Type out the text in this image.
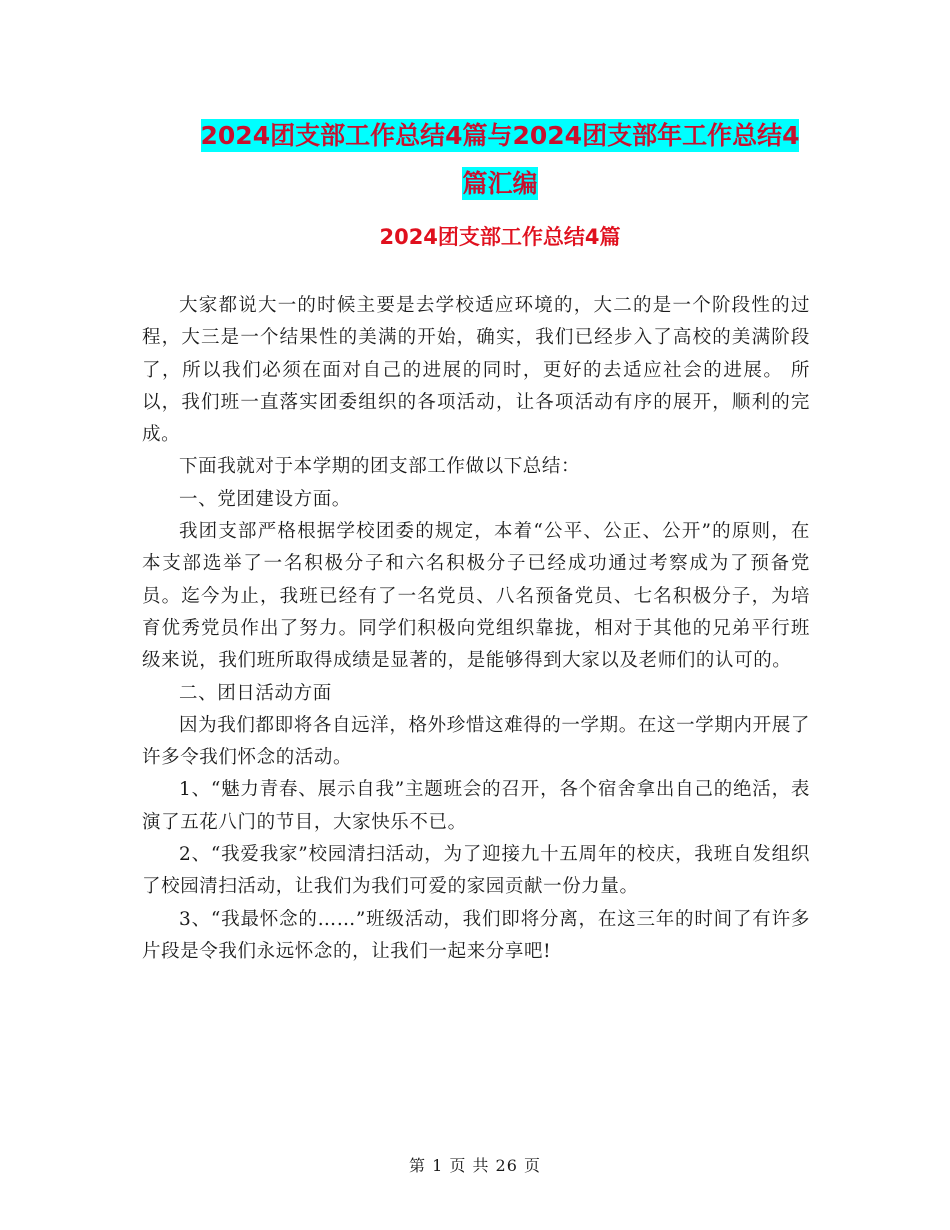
2024团支部工作总结4篇与2024团支部年工作总结4
篇汇编
2024团支部工作总结4篇

大家都说大一的时候主要是去学校适应环境的，大二的是一个阶段性的过程，大三是一个结果性的美满的开始，确实，我们已经步入了高校的美满阶段了，所以我们必须在面对自己的进展的同时，更好的去适应社会的进展。 所以，我们班一直落实团委组织的各项活动，让各项活动有序的展开，顺利的完成。

下面我就对于本学期的团支部工作做以下总结：

一、党团建设方面。

我团支部严格根据学校团委的规定，本着“公平、公正、公开”的原则，在本支部选举了一名积极分子和六名积极分子已经成功通过考察成为了预备党员。迄今为止，我班已经有了一名党员、八名预备党员、七名积极分子，为培育优秀党员作出了努力。同学们积极向党组织靠拢，相对于其他的兄弟平行班级来说，我们班所取得成绩是显著的，是能够得到大家以及老师们的认可的。

二、团日活动方面

因为我们都即将各自远洋，格外珍惜这难得的一学期。在这一学期内开展了许多令我们怀念的活动。

1、“魅力青春、展示自我”主题班会的召开，各个宿舍拿出自己的绝活，表演了五花八门的节目，大家快乐不已。

2、“我爱我家”校园清扫活动，为了迎接九十五周年的校庆，我班自发组织了校园清扫活动，让我们为我们可爱的家园贡献一份力量。

3、“我最怀念的……”班级活动，我们即将分离，在这三年的时间了有许多片段是令我们永远怀念的，让我们一起来分享吧!

第 1 页 共 26 页
